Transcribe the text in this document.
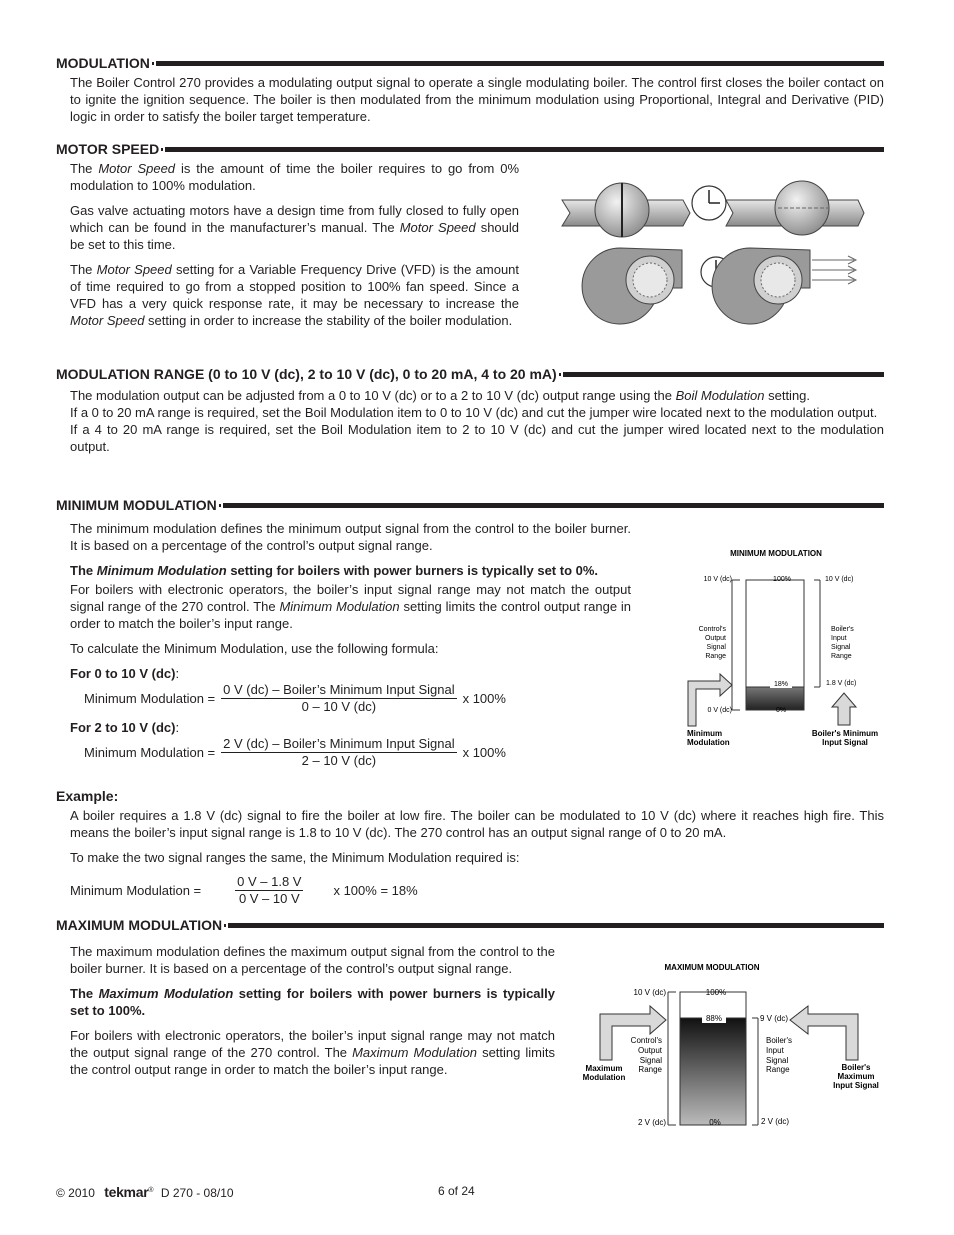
MODULATION

The Boiler Control 270 provides a modulating output signal to operate a single modulating boiler. The control first closes the boiler contact on to ignite the ignition sequence. The boiler is then modulated from the minimum modulation using Proportional, Integral and Derivative (PID) logic in order to satisfy the boiler target temperature.

MOTOR SPEED

The Motor Speed is the amount of time the boiler requires to go from 0% modulation to 100% modulation.

Gas valve actuating motors have a design time from fully closed to fully open which can be found in the manufacturer’s manual. The Motor Speed should be set to this time.

The Motor Speed setting for a Variable Frequency Drive (VFD) is the amount of time required to go from a stopped position to 100% fan speed. Since a VFD has a very quick response rate, it may be necessary to increase the Motor Speed setting in order to increase the stability of the boiler modulation.

MODULATION RANGE (0 to 10 V (dc), 2 to 10 V (dc), 0 to 20 mA, 4 to 20 mA)

The modulation output can be adjusted from a 0 to 10 V (dc) or to a 2 to 10 V (dc) output range using the Boil Modulation setting.

If a 0 to 20 mA range is required, set the Boil Modulation item to 0 to 10 V (dc) and cut the jumper wire located next to the modulation output.

If a 4 to 20 mA range is required, set the Boil Modulation item to 2 to 10 V (dc) and cut the jumper wired located next to the modulation output.

MINIMUM MODULATION

The minimum modulation defines the minimum output signal from the control to the boiler burner. It is based on a percentage of the control’s output signal range.

The Minimum Modulation setting for boilers with power burners is typically set to 0%.

For boilers with electronic operators, the boiler’s input signal range may not match the output signal range of the 270 control. The Minimum Modulation setting limits the control output range in order to match the boiler’s input range.

To calculate the Minimum Modulation, use the following formula:

For 0 to 10 V (dc):
Minimum Modulation = $\frac{\text{0 V (dc) – Boiler’s Minimum Input Signal}}{0 - 10 V (dc)}$ x 100%
For 2 to 10 V (dc):
Minimum Modulation = $\frac{\text{2 V (dc) – Boiler’s Minimum Input Signal}}{2 - 10 V (dc)}$ x 100%
MINIMUM MODULATION
10 V (dc)	100%	10 V (dc)
Control's
Output
Signal
Range
Boiler's
Input
Signal
Range
18%	1.8 V (dc)
0 V (dc)	0%
Minimum
Modulation
Boiler's Minimum
Input Signal
Example:

A boiler requires a 1.8 V (dc) signal to fire the boiler at low fire. The boiler can be modulated to 10 V (dc) where it reaches high fire. This means the boiler’s input signal range is 1.8 to 10 V (dc). The 270 control has an output signal range of 0 to 20 mA.

To make the two signal ranges the same, the Minimum Modulation required is:

Minimum Modulation =	$\frac{0 V - 1.8 V}{0 V - 10 V}$ x 100% = 18%
MAXIMUM MODULATION

The maximum modulation defines the maximum output signal from the control to the boiler burner. It is based on a percentage of the control’s output signal range.

The Maximum Modulation setting for boilers with power burners is typically set to 100%.

For boilers with electronic operators, the boiler’s input signal range may not match the output signal range of the 270 control. The Maximum Modulation setting limits the control output range in order to match the boiler’s input range.

MAXIMUM MODULATION
10 V (dc)	100%
88%	9 V (dc)
Control's
Output
Signal
Range
Boiler's
Input
Signal
Range
2 V (dc)	0%	2 V (dc)
Maximum
Modulation
Boiler's
Maximum
Input Signal
© 2010 tekmar® D 270 - 08/10	6 of 24
